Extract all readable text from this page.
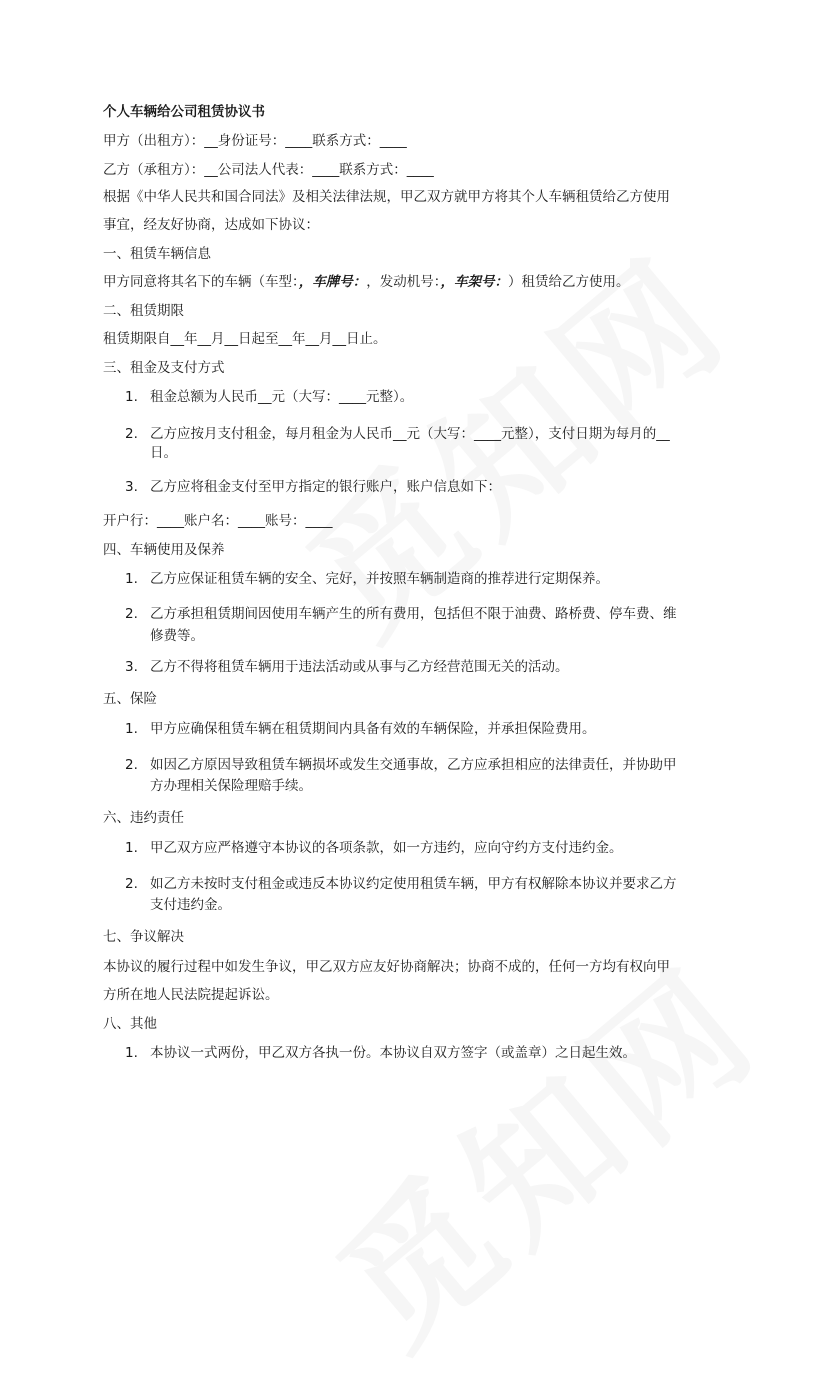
个人车辆给公司租赁协议书
甲方（出租方）：__身份证号：____联系方式：____
乙方（承租方）：__公司法人代表：____联系方式：____
根据《中华人民共和国合同法》及相关法律法规，甲乙双方就甲方将其个人车辆租赁给乙方使用
事宜，经友好协商，达成如下协议：
一、租赁车辆信息
甲方同意将其名下的车辆（车型：，车牌号：，发动机号：，车架号：）租赁给乙方使用。
二、租赁期限
租赁期限自__年__月__日起至__年__月__日止。
三、租金及支付方式
1. 租金总额为人民币__元（大写：____元整）。
2. 乙方应按月支付租金，每月租金为人民币__元（大写：____元整），支付日期为每月的__
日。
3. 乙方应将租金支付至甲方指定的银行账户，账户信息如下：
开户行：____账户名：____账号：____
四、车辆使用及保养
1. 乙方应保证租赁车辆的安全、完好，并按照车辆制造商的推荐进行定期保养。
2. 乙方承担租赁期间因使用车辆产生的所有费用，包括但不限于油费、路桥费、停车费、维
修费等。
3. 乙方不得将租赁车辆用于违法活动或从事与乙方经营范围无关的活动。
五、保险
1. 甲方应确保租赁车辆在租赁期间内具备有效的车辆保险，并承担保险费用。
2. 如因乙方原因导致租赁车辆损坏或发生交通事故，乙方应承担相应的法律责任，并协助甲
方办理相关保险理赔手续。
六、违约责任
1. 甲乙双方应严格遵守本协议的各项条款，如一方违约，应向守约方支付违约金。
2. 如乙方未按时支付租金或违反本协议约定使用租赁车辆，甲方有权解除本协议并要求乙方
支付违约金。
七、争议解决
本协议的履行过程中如发生争议，甲乙双方应友好协商解决；协商不成的，任何一方均有权向甲
方所在地人民法院提起诉讼。
八、其他
1. 本协议一式两份，甲乙双方各执一份。本协议自双方签字（或盖章）之日起生效。
